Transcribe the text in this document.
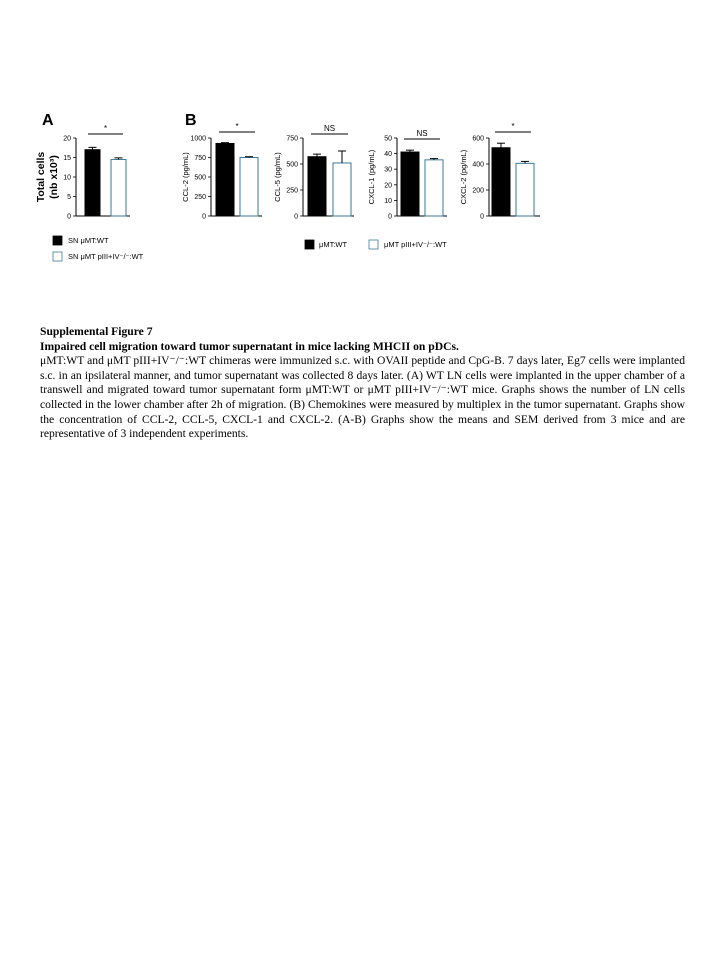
A	B
0
5
10
15
20
Total cells (nb x10³)
*
0
250
500
750
1000
CCL-2 (pg/mL)
*
0
250
500
750
CCL-5 (pg/mL)
NS
0
10
20
30
40
50
CXCL-1 (pg/mL)
NS
0
200
400
600
CXCL-2 (pg/mL)
*
SN μMT:WT
SN μMT pIII+IV⁻/⁻:WT
μMT:WT	μMT pIII+IV⁻/⁻:WT

Supplemental Figure 7

Impaired cell migration toward tumor supernatant in mice lacking MHCII on pDCs.

μMT:WT and μMT pIII+IV⁻/⁻:WT chimeras were immunized s.c. with OVAII peptide and CpG-B. 7 days later, Eg7 cells were implanted s.c. in an ipsilateral manner, and tumor supernatant was collected 8 days later. (A) WT LN cells were implanted in the upper chamber of a transwell and migrated toward tumor supernatant form μMT:WT or μMT pIII+IV⁻/⁻:WT mice. Graphs shows the number of LN cells collected in the lower chamber after 2h of migration. (B) Chemokines were measured by multiplex in the tumor supernatant. Graphs show the concentration of CCL-2, CCL-5, CXCL-1 and CXCL-2. (A-B) Graphs show the means and SEM derived from 3 mice and are representative of 3 independent experiments.
